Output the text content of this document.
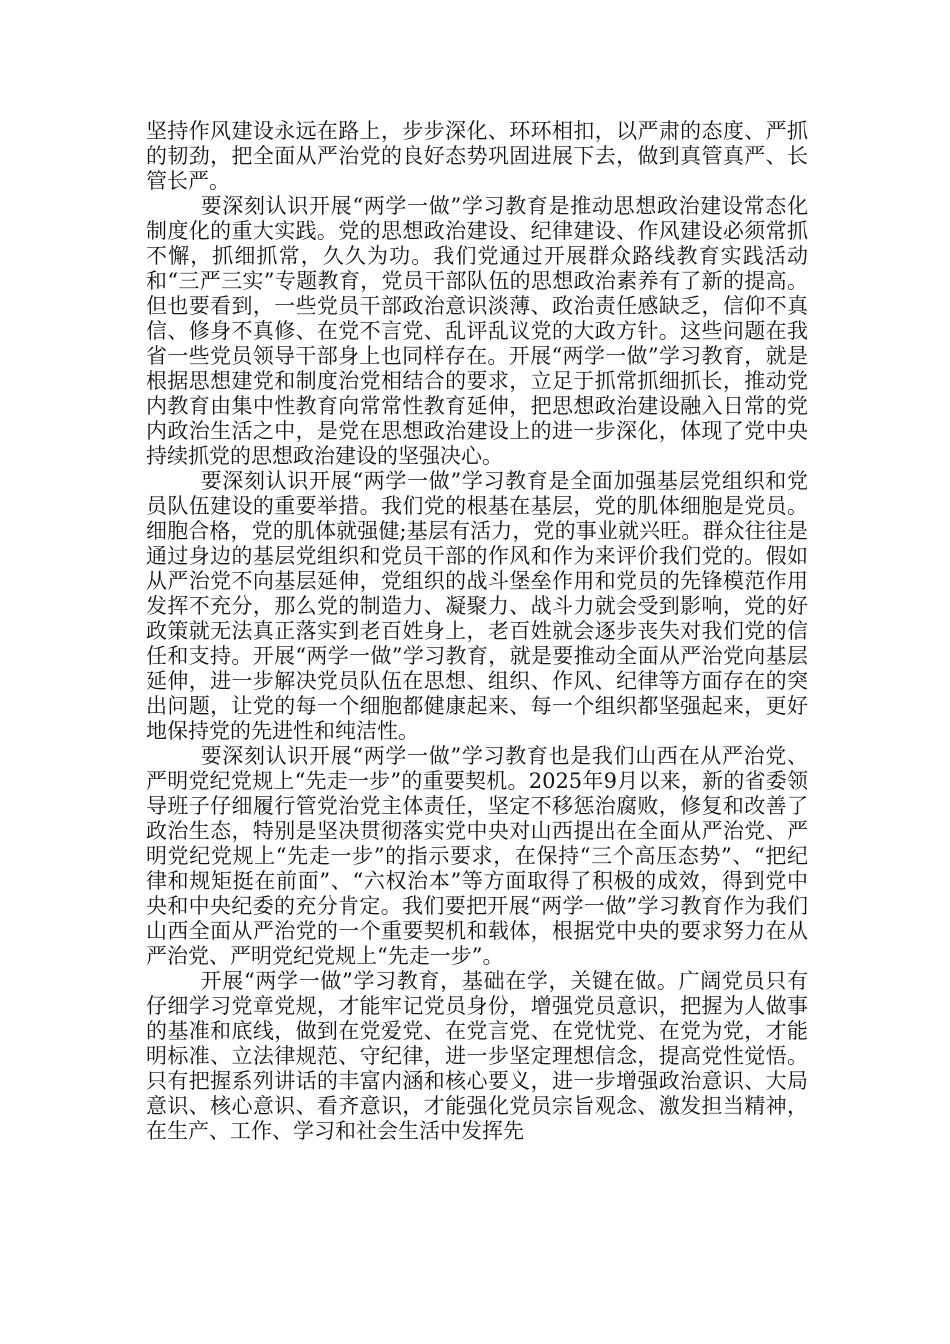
坚持作风建设永远在路上，步步深化、环环相扣，以严肃的态度、严抓的韧劲，把全面从严治党的良好态势巩固进展下去，做到真管真严、长管长严。

要深刻认识开展“两学一做”学习教育是推动思想政治建设常态化制度化的重大实践。党的思想政治建设、纪律建设、作风建设必须常抓不懈，抓细抓常，久久为功。我们党通过开展群众路线教育实践活动和“三严三实”专题教育，党员干部队伍的思想政治素养有了新的提高。但也要看到，一些党员干部政治意识淡薄、政治责任感缺乏，信仰不真信、修身不真修、在党不言党、乱评乱议党的大政方针。这些问题在我省一些党员领导干部身上也同样存在。开展“两学一做”学习教育，就是根据思想建党和制度治党相结合的要求，立足于抓常抓细抓长，推动党内教育由集中性教育向常常性教育延伸，把思想政治建设融入日常的党内政治生活之中，是党在思想政治建设上的进一步深化，体现了党中央持续抓党的思想政治建设的坚强决心。

要深刻认识开展“两学一做”学习教育是全面加强基层党组织和党员队伍建设的重要举措。我们党的根基在基层，党的肌体细胞是党员。细胞合格，党的肌体就强健;基层有活力，党的事业就兴旺。群众往往是通过身边的基层党组织和党员干部的作风和作为来评价我们党的。假如从严治党不向基层延伸，党组织的战斗堡垒作用和党员的先锋模范作用发挥不充分，那么党的制造力、凝聚力、战斗力就会受到影响，党的好政策就无法真正落实到老百姓身上，老百姓就会逐步丧失对我们党的信任和支持。开展“两学一做”学习教育，就是要推动全面从严治党向基层延伸，进一步解决党员队伍在思想、组织、作风、纪律等方面存在的突出问题，让党的每一个细胞都健康起来、每一个组织都坚强起来，更好地保持党的先进性和纯洁性。

要深刻认识开展“两学一做”学习教育也是我们山西在从严治党、严明党纪党规上“先走一步”的重要契机。2025年9月以来，新的省委领导班子仔细履行管党治党主体责任，坚定不移惩治腐败，修复和改善了政治生态，特别是坚决贯彻落实党中央对山西提出在全面从严治党、严明党纪党规上“先走一步”的指示要求，在保持“三个高压态势”、“把纪律和规矩挺在前面”、“六权治本”等方面取得了积极的成效，得到党中央和中央纪委的充分肯定。我们要把开展“两学一做”学习教育作为我们山西全面从严治党的一个重要契机和载体，根据党中央的要求努力在从严治党、严明党纪党规上“先走一步”。

开展“两学一做”学习教育，基础在学，关键在做。广阔党员只有仔细学习党章党规，才能牢记党员身份，增强党员意识，把握为人做事的基准和底线，做到在党爱党、在党言党、在党忧党、在党为党，才能明标准、立法律规范、守纪律，进一步坚定理想信念，提高党性觉悟。只有把握系列讲话的丰富内涵和核心要义，进一步增强政治意识、大局意识、核心意识、看齐意识，才能强化党员宗旨观念、激发担当精神，在生产、工作、学习和社会生活中发挥先
